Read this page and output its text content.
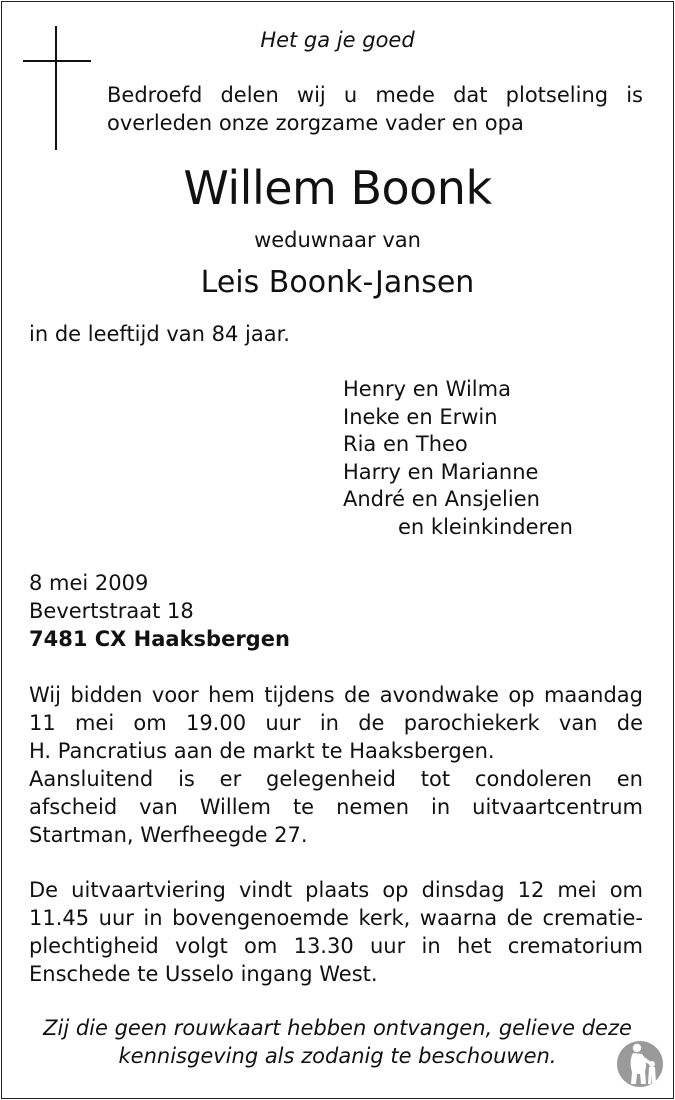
Het ga je goed

Bedroefd delen wij u mede dat plotseling is
overleden onze zorgzame vader en opa

Willem Boonk

weduwnaar van

Leis Boonk-Jansen

in de leeftijd van 84 jaar.

Henry en Wilma
Ineke en Erwin
Ria en Theo
Harry en Marianne
André en Ansjelien
en kleinkinderen
8 mei 2009
Bevertstraat 18
7481 CX Haaksbergen
Wij bidden voor hem tijdens de avondwake op maandag
11 mei om 19.00 uur in de parochiekerk van de
H. Pancratius aan de markt te Haaksbergen.
Aansluitend is er gelegenheid tot condoleren en
afscheid van Willem te nemen in uitvaartcentrum
Startman, Werfheegde 27.
De uitvaartviering vindt plaats op dinsdag 12 mei om
11.45 uur in bovengenoemde kerk, waarna de crematie-
plechtigheid volgt om 13.30 uur in het crematorium
Enschede te Usselo ingang West.
Zij die geen rouwkaart hebben ontvangen, gelieve deze
kennisgeving als zodanig te beschouwen.
